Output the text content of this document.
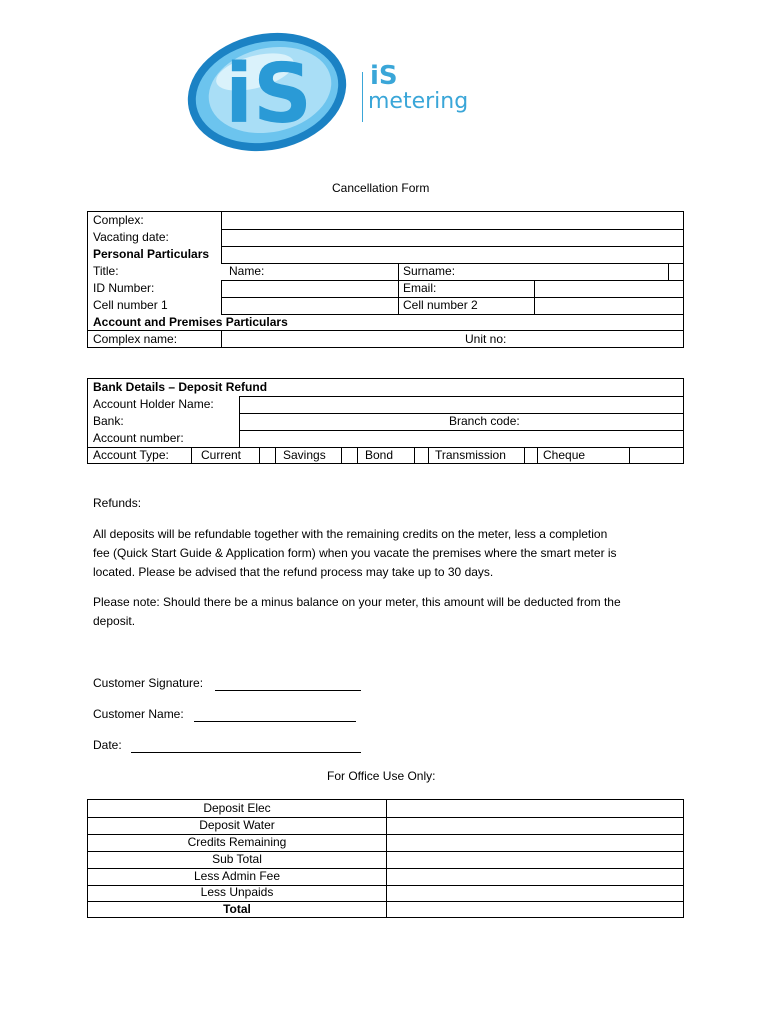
i S iS
metering
Cancellation Form
Complex:
Vacating date:
Personal Particulars
Title:	Name:	Surname:
ID Number:	Email:
Cell number 1	Cell number 2
Account and Premises Particulars
Complex name:	Unit no:
Bank Details – Deposit Refund
Account Holder Name:
Bank:	Branch code:
Account number:
Account Type:	Current	Savings	Bond	Transmission	Cheque
Refunds:
All deposits will be refundable together with the remaining credits on the meter, less a completion
fee (Quick Start Guide & Application form) when you vacate the premises where the smart meter is
located. Please be advised that the refund process may take up to 30 days.
Please note: Should there be a minus balance on your meter, this amount will be deducted from the
deposit.
Customer Signature:
Customer Name:
Date:
For Office Use Only:
Deposit Elec
Deposit Water
Credits Remaining
Sub Total
Less Admin Fee
Less Unpaids
Total
